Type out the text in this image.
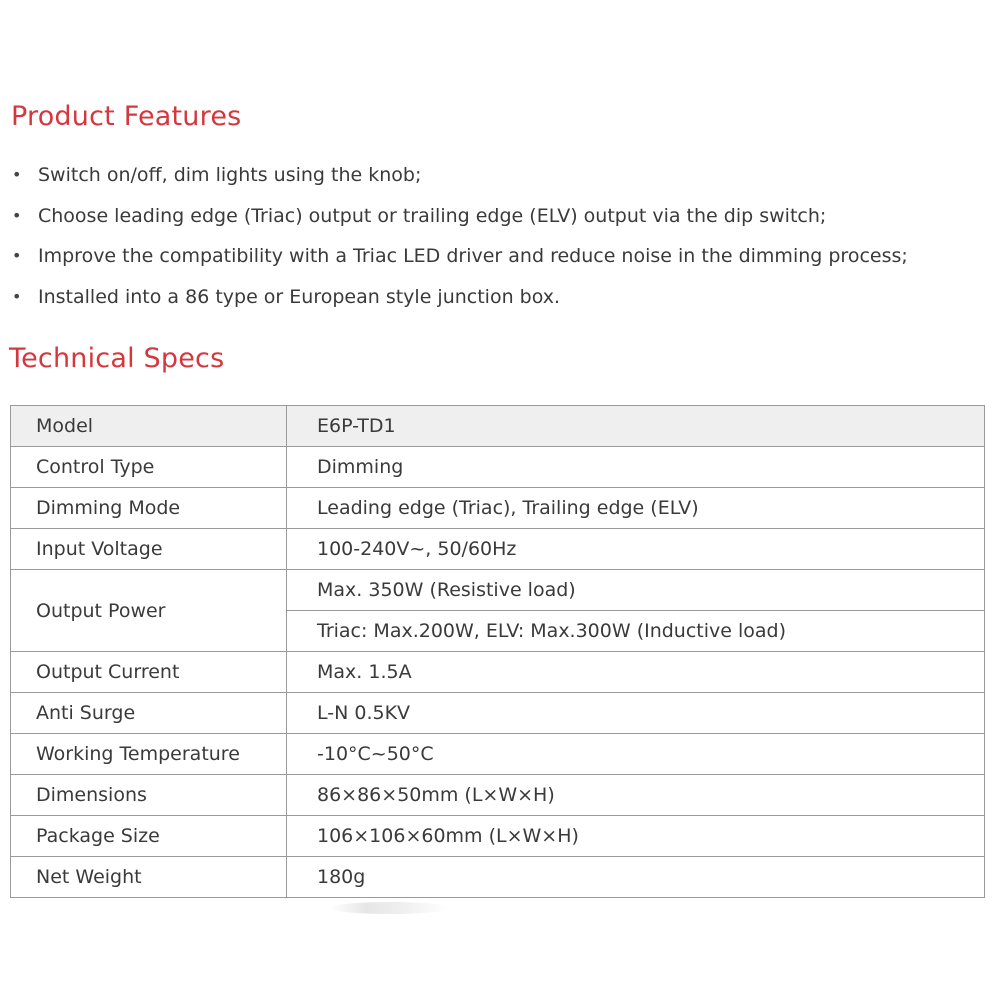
Product Features
• Switch on/off, dim lights using the knob;
• Choose leading edge (Triac) output or trailing edge (ELV) output via the dip switch;
• Improve the compatibility with a Triac LED driver and reduce noise in the dimming process;
• Installed into a 86 type or European style junction box.
Technical Specs
Model	E6P-TD1
Control Type	Dimming
Dimming Mode	Leading edge (Triac), Trailing edge (ELV)
Input Voltage	100-240V~, 50/60Hz
Output Power	Max. 350W (Resistive load)
	Triac: Max.200W, ELV: Max.300W (Inductive load)
Output Current	Max. 1.5A
Anti Surge	L-N 0.5KV
Working Temperature	-10°C~50°C
Dimensions	86×86×50mm (L×W×H)
Package Size	106×106×60mm (L×W×H)
Net Weight	180g
